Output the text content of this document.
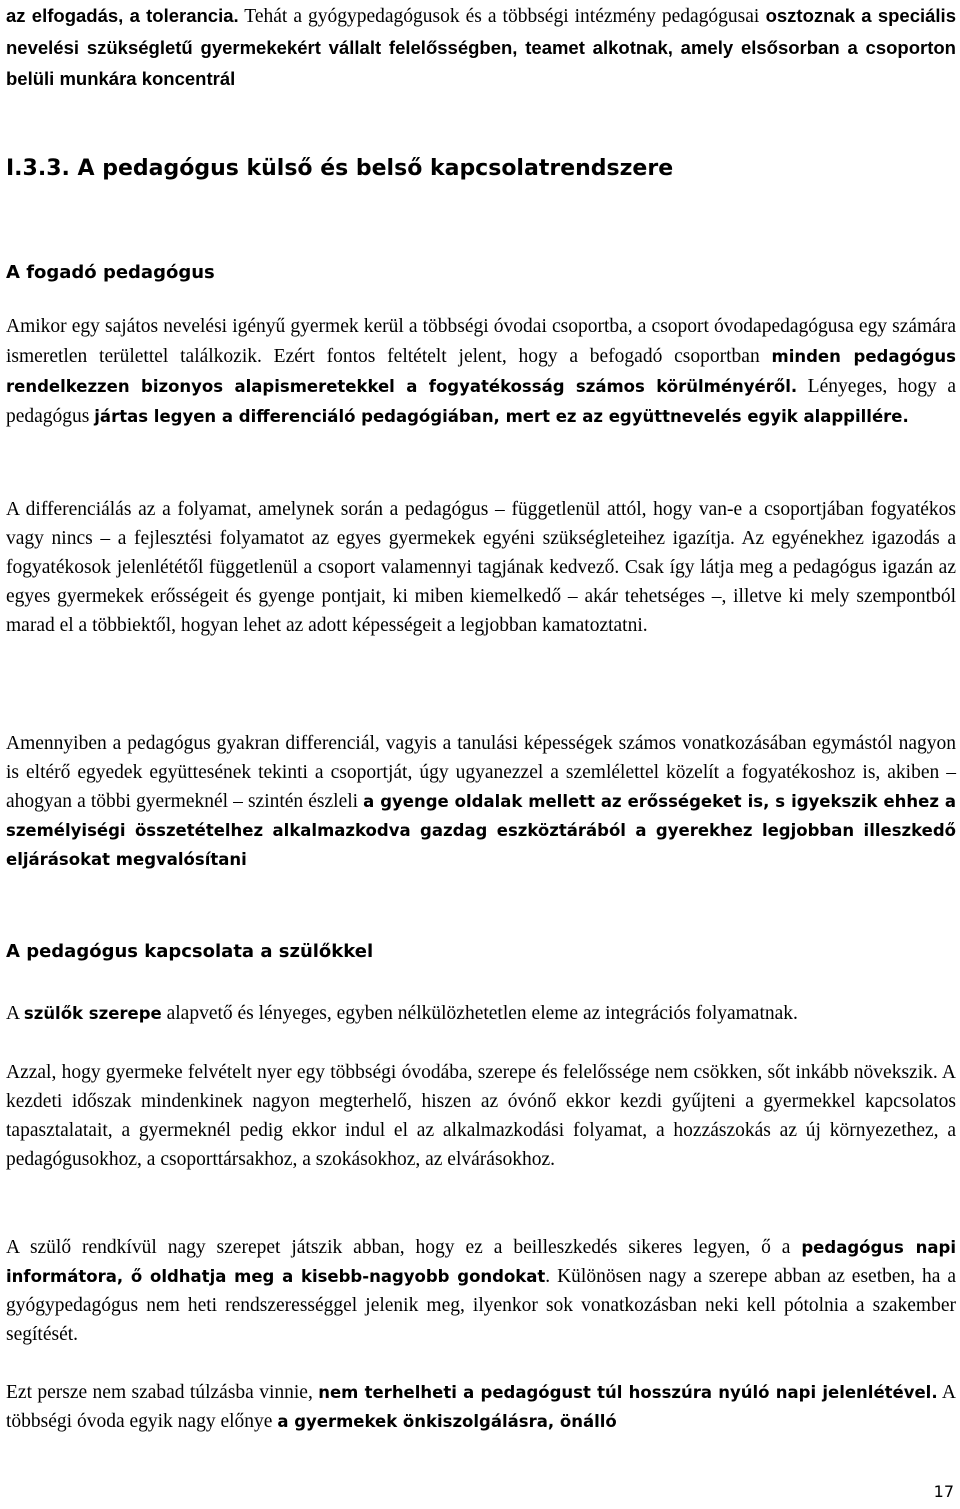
az elfogadás, a tolerancia. Tehát a gyógypedagógusok és a többségi intézmény pedagógusai osztoznak a speciális nevelési szükségletű gyermekekért vállalt felelősségben, teamet alkotnak, amely elsősorban a csoporton belüli munkára koncentrál

I.3.3. A pedagógus külső és belső kapcsolatrendszere
A fogadó pedagógus

Amikor egy sajátos nevelési igényű gyermek kerül a többségi óvodai csoportba, a csoport óvodapedagógusa egy számára ismeretlen területtel találkozik. Ezért fontos feltételt jelent, hogy a befogadó csoportban minden pedagógus rendelkezzen bizonyos alapismeretekkel a fogyatékosság számos körülményéről. Lényeges, hogy a pedagógus jártas legyen a differenciáló pedagógiában, mert ez az együttnevelés egyik alappillére.

A differenciálás az a folyamat, amelynek során a pedagógus – függetlenül attól, hogy van-e a csoportjában fogyatékos vagy nincs – a fejlesztési folyamatot az egyes gyermekek egyéni szükségleteihez igazítja. Az egyénekhez igazodás a fogyatékosok jelenlététől függetlenül a csoport valamennyi tagjának kedvező. Csak így látja meg a pedagógus igazán az egyes gyermekek erősségeit és gyenge pontjait, ki miben kiemelkedő – akár tehetséges –, illetve ki mely szempontból marad el a többiektől, hogyan lehet az adott képességeit a legjobban kamatoztatni.

Amennyiben a pedagógus gyakran differenciál, vagyis a tanulási képességek számos vonatkozásában egymástól nagyon is eltérő egyedek együttesének tekinti a csoportját, úgy ugyanezzel a szemlélettel közelít a fogyatékoshoz is, akiben – ahogyan a többi gyermeknél – szintén észleli a gyenge oldalak mellett az erősségeket is, s igyekszik ehhez a személyiségi összetételhez alkalmazkodva gazdag eszköztárából a gyerekhez legjobban illeszkedő eljárásokat megvalósítani

A pedagógus kapcsolata a szülőkkel

A szülők szerepe alapvető és lényeges, egyben nélkülözhetetlen eleme az integrációs folyamatnak.

Azzal, hogy gyermeke felvételt nyer egy többségi óvodába, szerepe és felelőssége nem csökken, sőt inkább növekszik. A kezdeti időszak mindenkinek nagyon megterhelő, hiszen az óvónő ekkor kezdi gyűjteni a gyermekkel kapcsolatos tapasztalatait, a gyermeknél pedig ekkor indul el az alkalmazkodási folyamat, a hozzászokás az új környezethez, a pedagógusokhoz, a csoporttársakhoz, a szokásokhoz, az elvárásokhoz.

A szülő rendkívül nagy szerepet játszik abban, hogy ez a beilleszkedés sikeres legyen, ő a pedagógus napi informátora, ő oldhatja meg a kisebb-nagyobb gondokat. Különösen nagy a szerepe abban az esetben, ha a gyógypedagógus nem heti rendszerességgel jelenik meg, ilyenkor sok vonatkozásban neki kell pótolnia a szakember segítését.

Ezt persze nem szabad túlzásba vinnie, nem terhelheti a pedagógust túl hosszúra nyúló napi jelenlétével. A többségi óvoda egyik nagy előnye a gyermekek önkiszolgálásra, önálló

17
